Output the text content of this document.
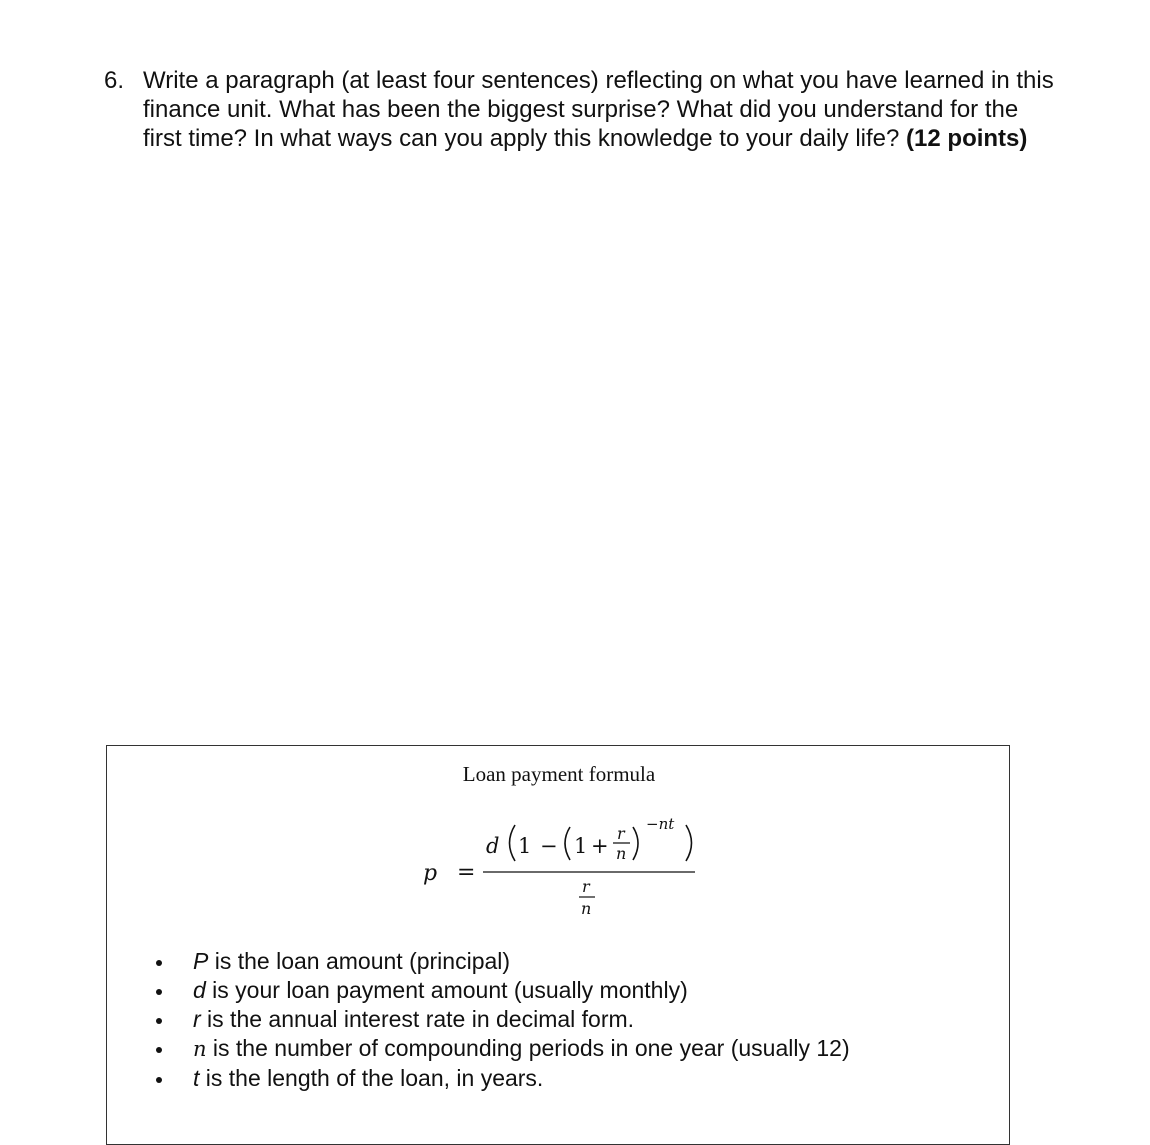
6. Write a paragraph (at least four sentences) reflecting on what you have learned in this finance unit. What has been the biggest surprise? What did you understand for the first time? In what ways can you apply this knowledge to your daily life? (12 points)
Loan payment formula
p =
d 1 − 1 +
r
n
−nt
r
n
P is the loan amount (principal)
d is your loan payment amount (usually monthly)
r is the annual interest rate in decimal form.
n is the number of compounding periods in one year (usually 12)
t is the length of the loan, in years.
